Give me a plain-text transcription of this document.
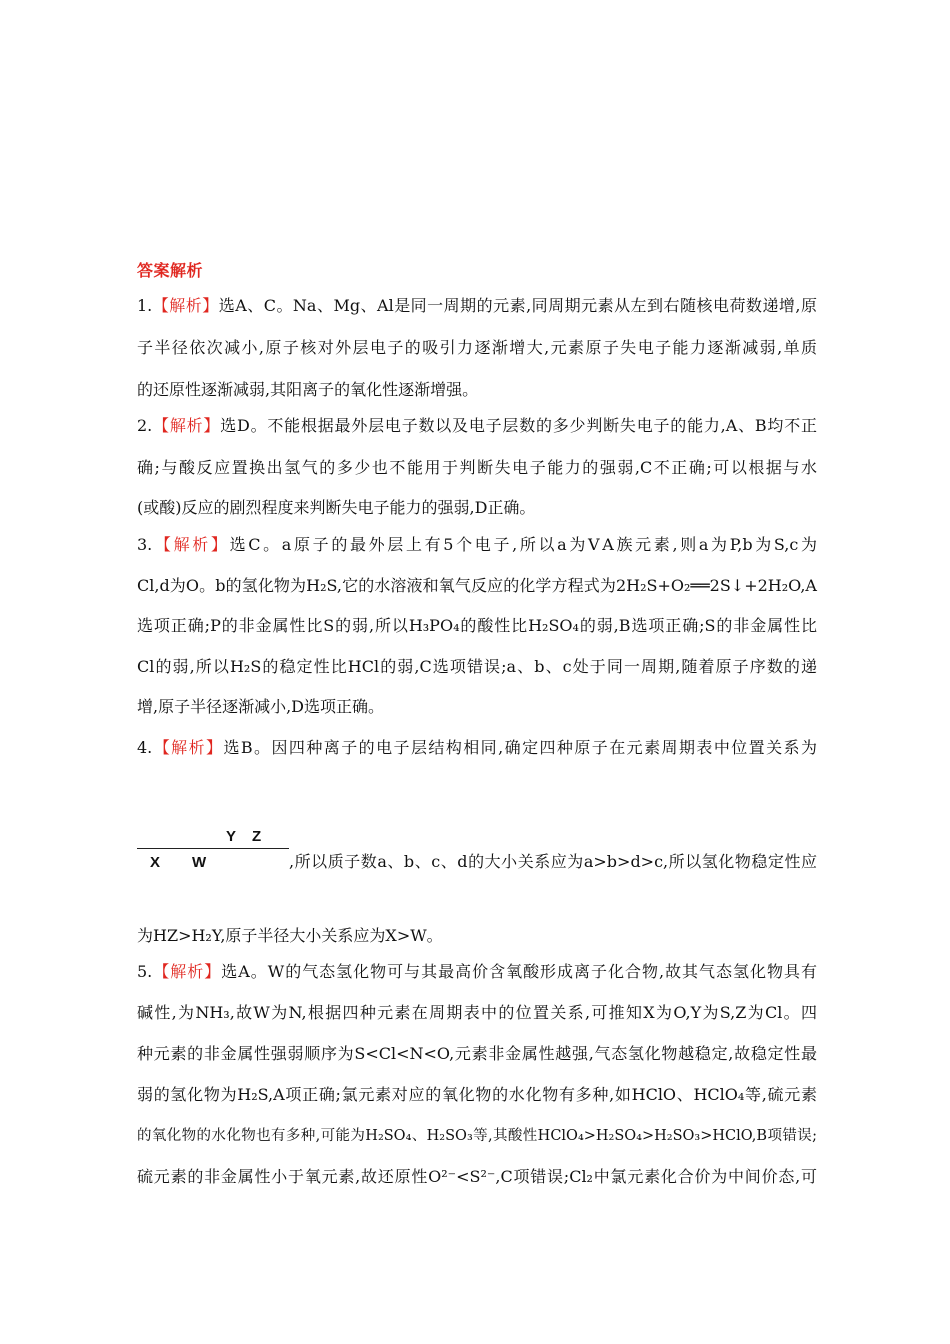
答案解析
1.【解析】选A、C。Na、Mg、Al是同一周期的元素,同周期元素从左到右随核电荷数递增,原
子半径依次减小,原子核对外层电子的吸引力逐渐增大,元素原子失电子能力逐渐减弱,单质
的还原性逐渐减弱,其阳离子的氧化性逐渐增强。
2.【解析】选D。不能根据最外层电子数以及电子层数的多少判断失电子的能力,A、B均不正
确;与酸反应置换出氢气的多少也不能用于判断失电子能力的强弱,C不正确;可以根据与水
(或酸)反应的剧烈程度来判断失电子能力的强弱,D正确。
3.【解析】选C。a原子的最外层上有5个电子,所以a为ⅤA族元素,则a为P,b为S,c为
Cl,d为O。b的氢化物为H₂S,它的水溶液和氧气反应的化学方程式为2H₂S+O₂══2S↓+2H₂O,A
选项正确;P的非金属性比S的弱,所以H₃PO₄的酸性比H₂SO₄的弱,B选项正确;S的非金属性比
Cl的弱,所以H₂S的稳定性比HCl的弱,C选项错误;a、b、c处于同一周期,随着原子序数的递
增,原子半径逐渐减小,D选项正确。
4.【解析】选B。因四种离子的电子层结构相同,确定四种原子在元素周期表中位置关系为
Y Z
X W	,所以质子数a、b、c、d的大小关系应为a>b>d>c,所以氢化物稳定性应
为HZ>H₂Y,原子半径大小关系应为X>W。
5.【解析】选A。W的气态氢化物可与其最高价含氧酸形成离子化合物,故其气态氢化物具有
碱性,为NH₃,故W为N,根据四种元素在周期表中的位置关系,可推知X为O,Y为S,Z为Cl。四
种元素的非金属性强弱顺序为S<Cl<N<O,元素非金属性越强,气态氢化物越稳定,故稳定性最
弱的氢化物为H₂S,A项正确;氯元素对应的氧化物的水化物有多种,如HClO、HClO₄等,硫元素
的氧化物的水化物也有多种,可能为H₂SO₄、H₂SO₃等,其酸性HClO₄>H₂SO₄>H₂SO₃>HClO,B项错误;
硫元素的非金属性小于氧元素,故还原性O²⁻<S²⁻,C项错误;Cl₂中氯元素化合价为中间价态,可
